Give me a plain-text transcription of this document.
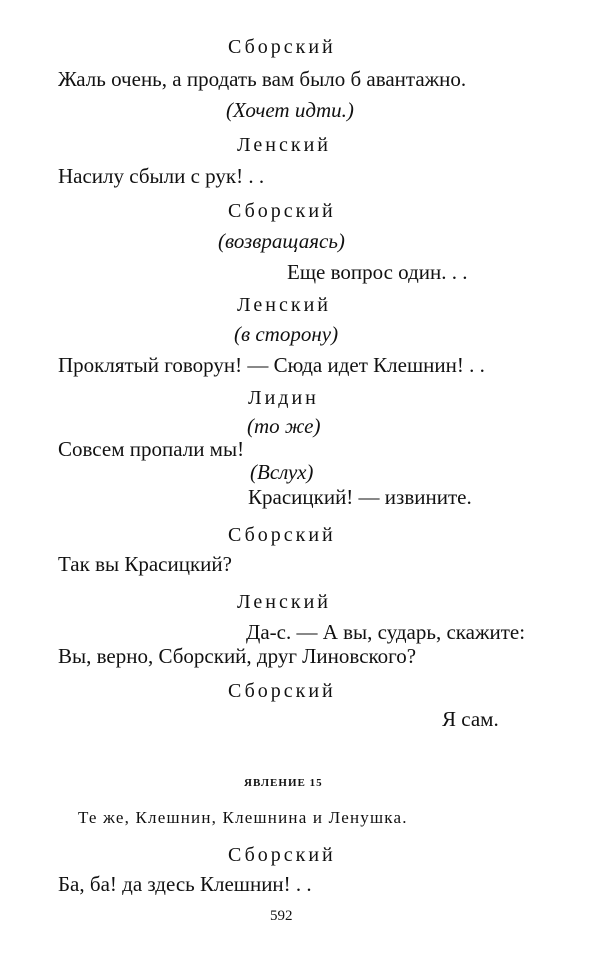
Сборский
Жаль очень, а продать вам было б авантажно.
(Хочет идти.)
Ленский
Насилу сбыли с рук! . .
Сборский
(возвращаясь)
Еще вопрос один. . .
Ленский
(в сторону)
Проклятый говорун! — Сюда идет Клешнин! . .
Лидин
(то же)
Совсем пропали мы!
(Вслух)
Красицкий! — извините.
Сборский
Так вы Красицкий?
Ленский
Да-с. — А вы, сударь, скажите:
Вы, верно, Сборский, друг Линовского?
Сборский
Я сам.
ЯВЛЕНИЕ 15
Те же, Клешнин, Клешнина и Ленушка.
Сборский
Ба, ба! да здесь Клешнин! . .
592
